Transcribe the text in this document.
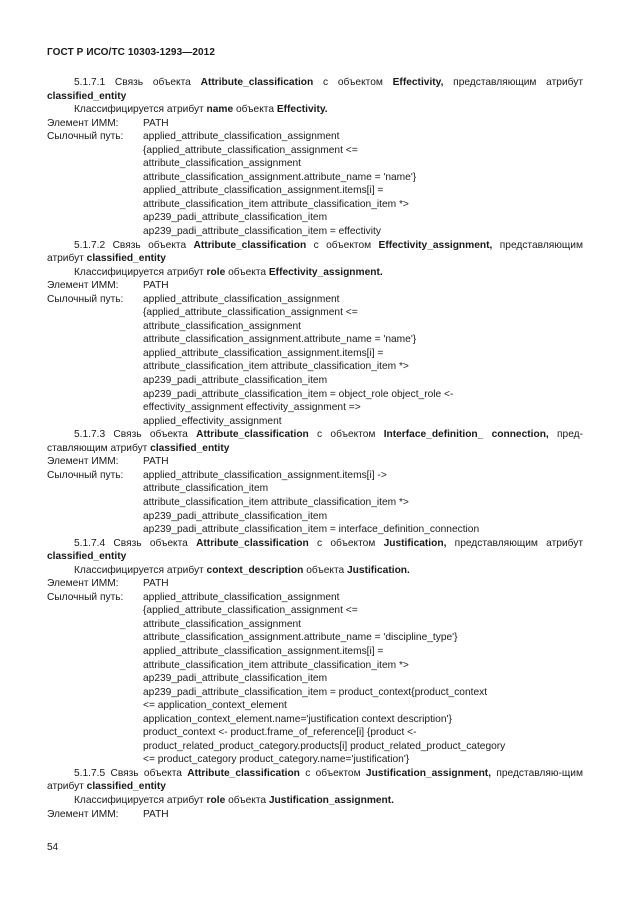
ГОСТ Р ИСО/ТС 10303-1293—2012

5.1.7.1 Связь объекта Attribute_classification с объектом Effectivity, представляющим атрибут classified_entity

Классифицируется атрибут name объекта Effectivity.

Элемент ИММ:	PATH
Сылочный путь:	applied_attribute_classification_assignment
{applied_attribute_classification_assignment <=
attribute_classification_assignment
attribute_classification_assignment.attribute_name = 'name'}
applied_attribute_classification_assignment.items[i] =
attribute_classification_item attribute_classification_item *>
ap239_padi_attribute_classification_item
ap239_padi_attribute_classification_item = effectivity

5.1.7.2 Связь объекта Attribute_classification с объектом Effectivity_assignment, представляющим атрибут classified_entity

Классифицируется атрибут role объекта Effectivity_assignment.

Элемент ИММ:	PATH
Сылочный путь:	applied_attribute_classification_assignment
{applied_attribute_classification_assignment <=
attribute_classification_assignment
attribute_classification_assignment.attribute_name = 'name'}
applied_attribute_classification_assignment.items[i] =
attribute_classification_item attribute_classification_item *>
ap239_padi_attribute_classification_item
ap239_padi_attribute_classification_item = object_role object_role <-
effectivity_assignment effectivity_assignment =>
applied_effectivity_assignment

5.1.7.3 Связь объекта Attribute_classification с объектом Interface_definition_ connection, пред-ставляющим атрибут classified_entity

Элемент ИММ:	PATH
Сылочный путь:	applied_attribute_classification_assignment.items[i] ->
attribute_classification_item
attribute_classification_item attribute_classification_item *>
ap239_padi_attribute_classification_item
ap239_padi_attribute_classification_item = interface_definition_connection

5.1.7.4 Связь объекта Attribute_classification с объектом Justification, представляющим атрибут classified_entity

Классифицируется атрибут context_description объекта Justification.

Элемент ИММ:	PATH
Сылочный путь:	applied_attribute_classification_assignment
{applied_attribute_classification_assignment <=
attribute_classification_assignment
attribute_classification_assignment.attribute_name = 'discipline_type'}
applied_attribute_classification_assignment.items[i] =
attribute_classification_item attribute_classification_item *>
ap239_padi_attribute_classification_item
ap239_padi_attribute_classification_item = product_context{product_context
<= application_context_element
application_context_element.name='justification context description'}
product_context <- product.frame_of_reference[i] {product <-
product_related_product_category.products[i] product_related_product_category
<= product_category product_category.name='justification'}

5.1.7.5 Связь объекта Attribute_classification с объектом Justification_assignment, представляю-щим атрибут classified_entity

Классифицируется атрибут role объекта Justification_assignment.

Элемент ИММ:	PATH
54
